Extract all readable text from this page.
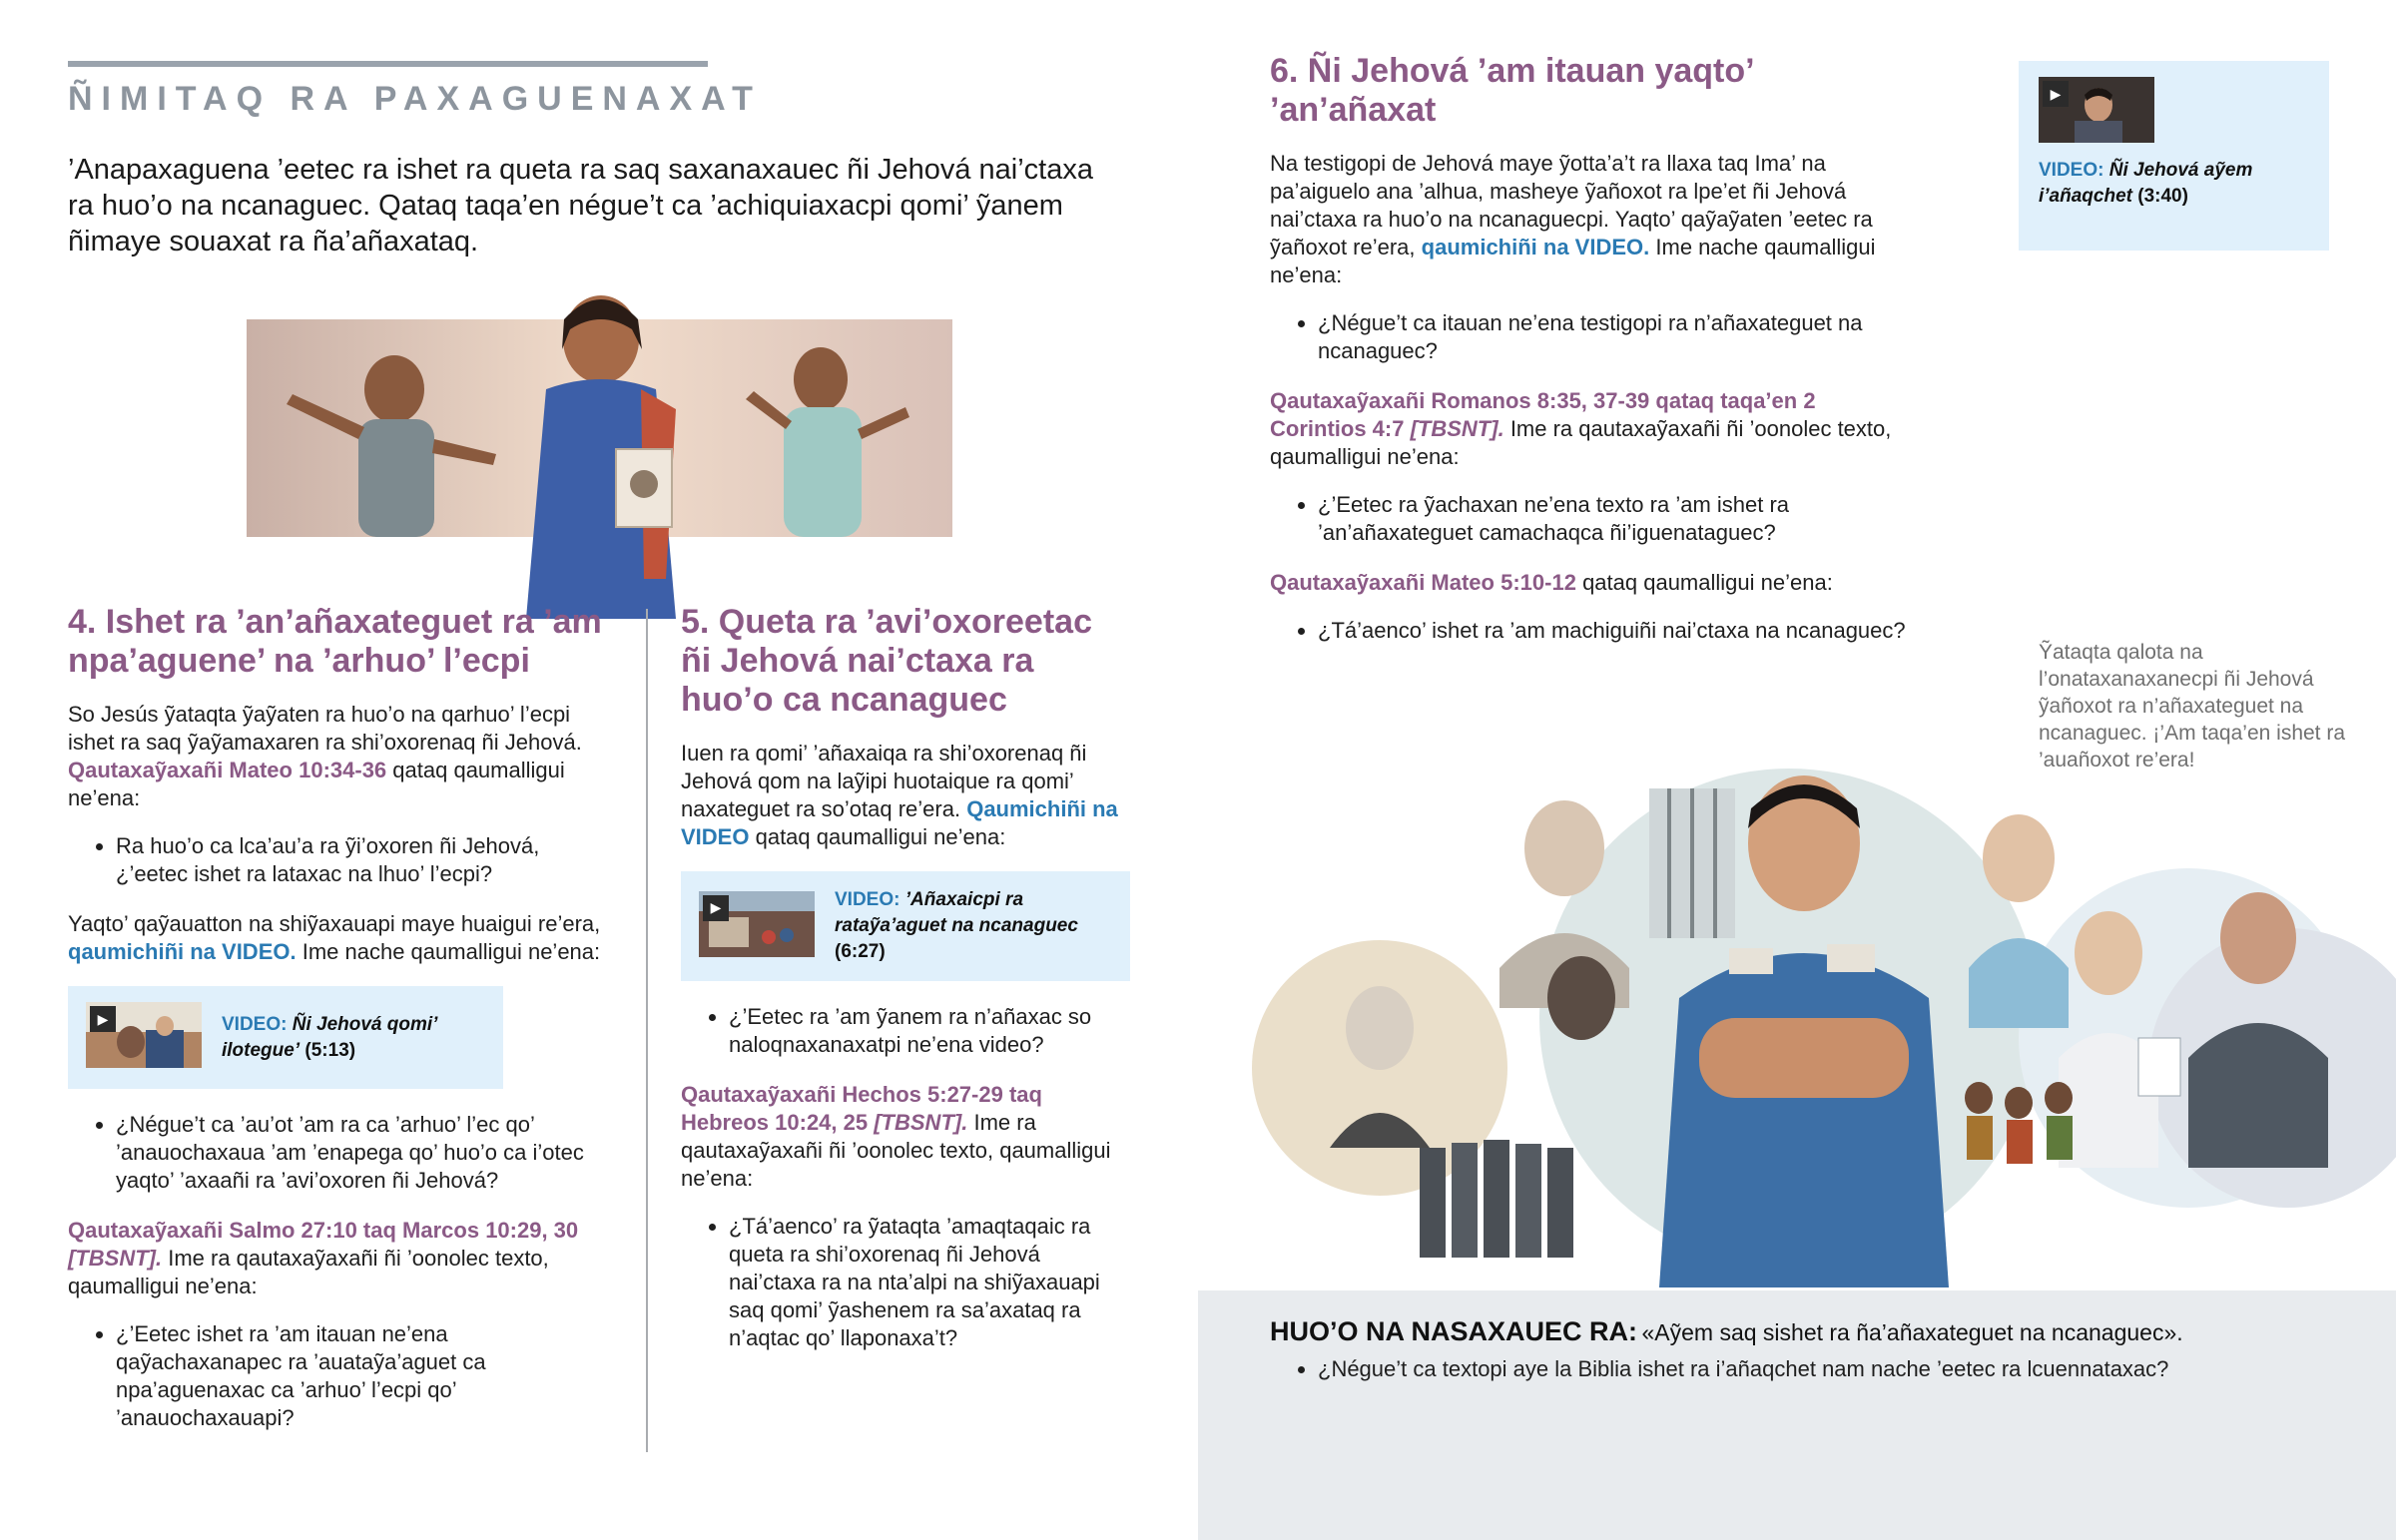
ÑIMITAQ RA PAXAGUENAXAT
’Anapaxaguena ’eetec ra ishet ra queta ra saq saxanaxauec ñi Jehová nai’ctaxa ra huo’o na ncanaguec. Qataq taqa’en négue’t ca ’achiquiaxacpi qomi’ ỹanem ñimaye souaxat ra ña’añaxataq.
4. Ishet ra ’an’añaxateguet ra ’am npa’aguene’ na ’arhuo’ l’ecpi

So Jesús ỹataqta ỹaỹaten ra huo’o na qarhuo’ l’ecpi ishet ra saq ỹaỹamaxaren ra shi’oxorenaq ñi Jehová. Qautaxaỹaxañi Mateo 10:34-36 qataq qaumalligui ne’ena:

• Ra huo’o ca lca’au’a ra ỹi’oxoren ñi Jehová, ¿’eetec ishet ra lataxac na lhuo’ l’ecpi?

Yaqto’ qaỹauatton na shiỹaxauapi maye huaigui re’era, qaumichiñi na VIDEO. Ime nache qaumalligui ne’ena:

▶	VIDEO: Ñi Jehová qomi’ ilotegue’ (5:13)
• ¿Négue’t ca ’au’ot ’am ra ca ’arhuo’ l’ec qo’ ’anauochaxaua ’am ’enapega qo’ huo’o ca i’otec yaqto’ ’axaañi ra ’avi’oxoren ñi Jehová?

Qautaxaỹaxañi Salmo 27:10 taq Marcos 10:29, 30 [TBSNT]. Ime ra qautaxaỹaxañi ñi ’oonolec texto, qaumalligui ne’ena:

• ¿’Eetec ishet ra ’am itauan ne’ena qaỹachaxanapec ra ’auataỹa’aguet ca npa’aguenaxac ca ’arhuo’ l’ecpi qo’ ’anauochaxauapi?
5. Queta ra ’avi’oxoreetac ñi Jehová nai’ctaxa ra huo’o ca ncanaguec

Iuen ra qomi’ ’añaxaiqa ra shi’oxorenaq ñi Jehová qom na laỹipi huotaique ra qomi’ naxateguet ra so’otaq re’era. Qaumichiñi na VIDEO qataq qaumalligui ne’ena:

▶	VIDEO: ’Añaxaicpi ra rataỹa’aguet na ncanaguec (6:27)
• ¿’Eetec ra ’am ỹanem ra n’añaxac so naloqnaxanaxatpi ne’ena video?

Qautaxaỹaxañi Hechos 5:27-29 taq Hebreos 10:24, 25 [TBSNT]. Ime ra qautaxaỹaxañi ñi ’oonolec texto, qaumalligui ne’ena:

• ¿Tá’aenco’ ra ỹataqta ’amaqtaqaic ra queta ra shi’oxorenaq ñi Jehová nai’ctaxa ra na nta’alpi na shiỹaxauapi saq qomi’ ỹashenem ra sa’axataq ra n’aqtac qo’ llaponaxa’t?
6. Ñi Jehová ’am itauan yaqto’ ’an’añaxat

Na testigopi de Jehová maye ỹotta’a’t ra llaxa taq Ima’ na pa’aiguelo ana ’alhua, masheye ỹañoxot ra lpe’et ñi Jehová nai’ctaxa ra huo’o na ncanaguecpi. Yaqto’ qaỹaỹaten ’eetec ra ỹañoxot re’era, qaumichiñi na VIDEO. Ime nache qaumalligui ne’ena:

• ¿Négue’t ca itauan ne’ena testigopi ra n’añaxateguet na ncanaguec?

Qautaxaỹaxañi Romanos 8:35, 37-39 qataq taqa’en 2 Corintios 4:7 [TBSNT]. Ime ra qautaxaỹaxañi ñi ’oonolec texto, qaumalligui ne’ena:

• ¿’Eetec ra ỹachaxan ne’ena texto ra ’am ishet ra ’an’añaxateguet camachaqca ñi’iguenataguec?

Qautaxaỹaxañi Mateo 5:10-12 qataq qaumalligui ne’ena:

• ¿Tá’aenco’ ishet ra ’am machiguiñi nai’ctaxa na ncanaguec?
▶
VIDEO: Ñi Jehová aỹem i’añaqchet (3:40)
Ỹataqta qalota na l’onataxanaxanecpi ñi Jehová ỹañoxot ra n’añaxateguet na ncanaguec. ¡’Am taqa’en ishet ra ’auañoxot re’era!
HUO’O NA NASAXAUEC RA: «Aỹem saq sishet ra ña’añaxateguet na ncanaguec».
• ¿Négue’t ca textopi aye la Biblia ishet ra i’añaqchet nam nache ’eetec ra lcuennataxac?
